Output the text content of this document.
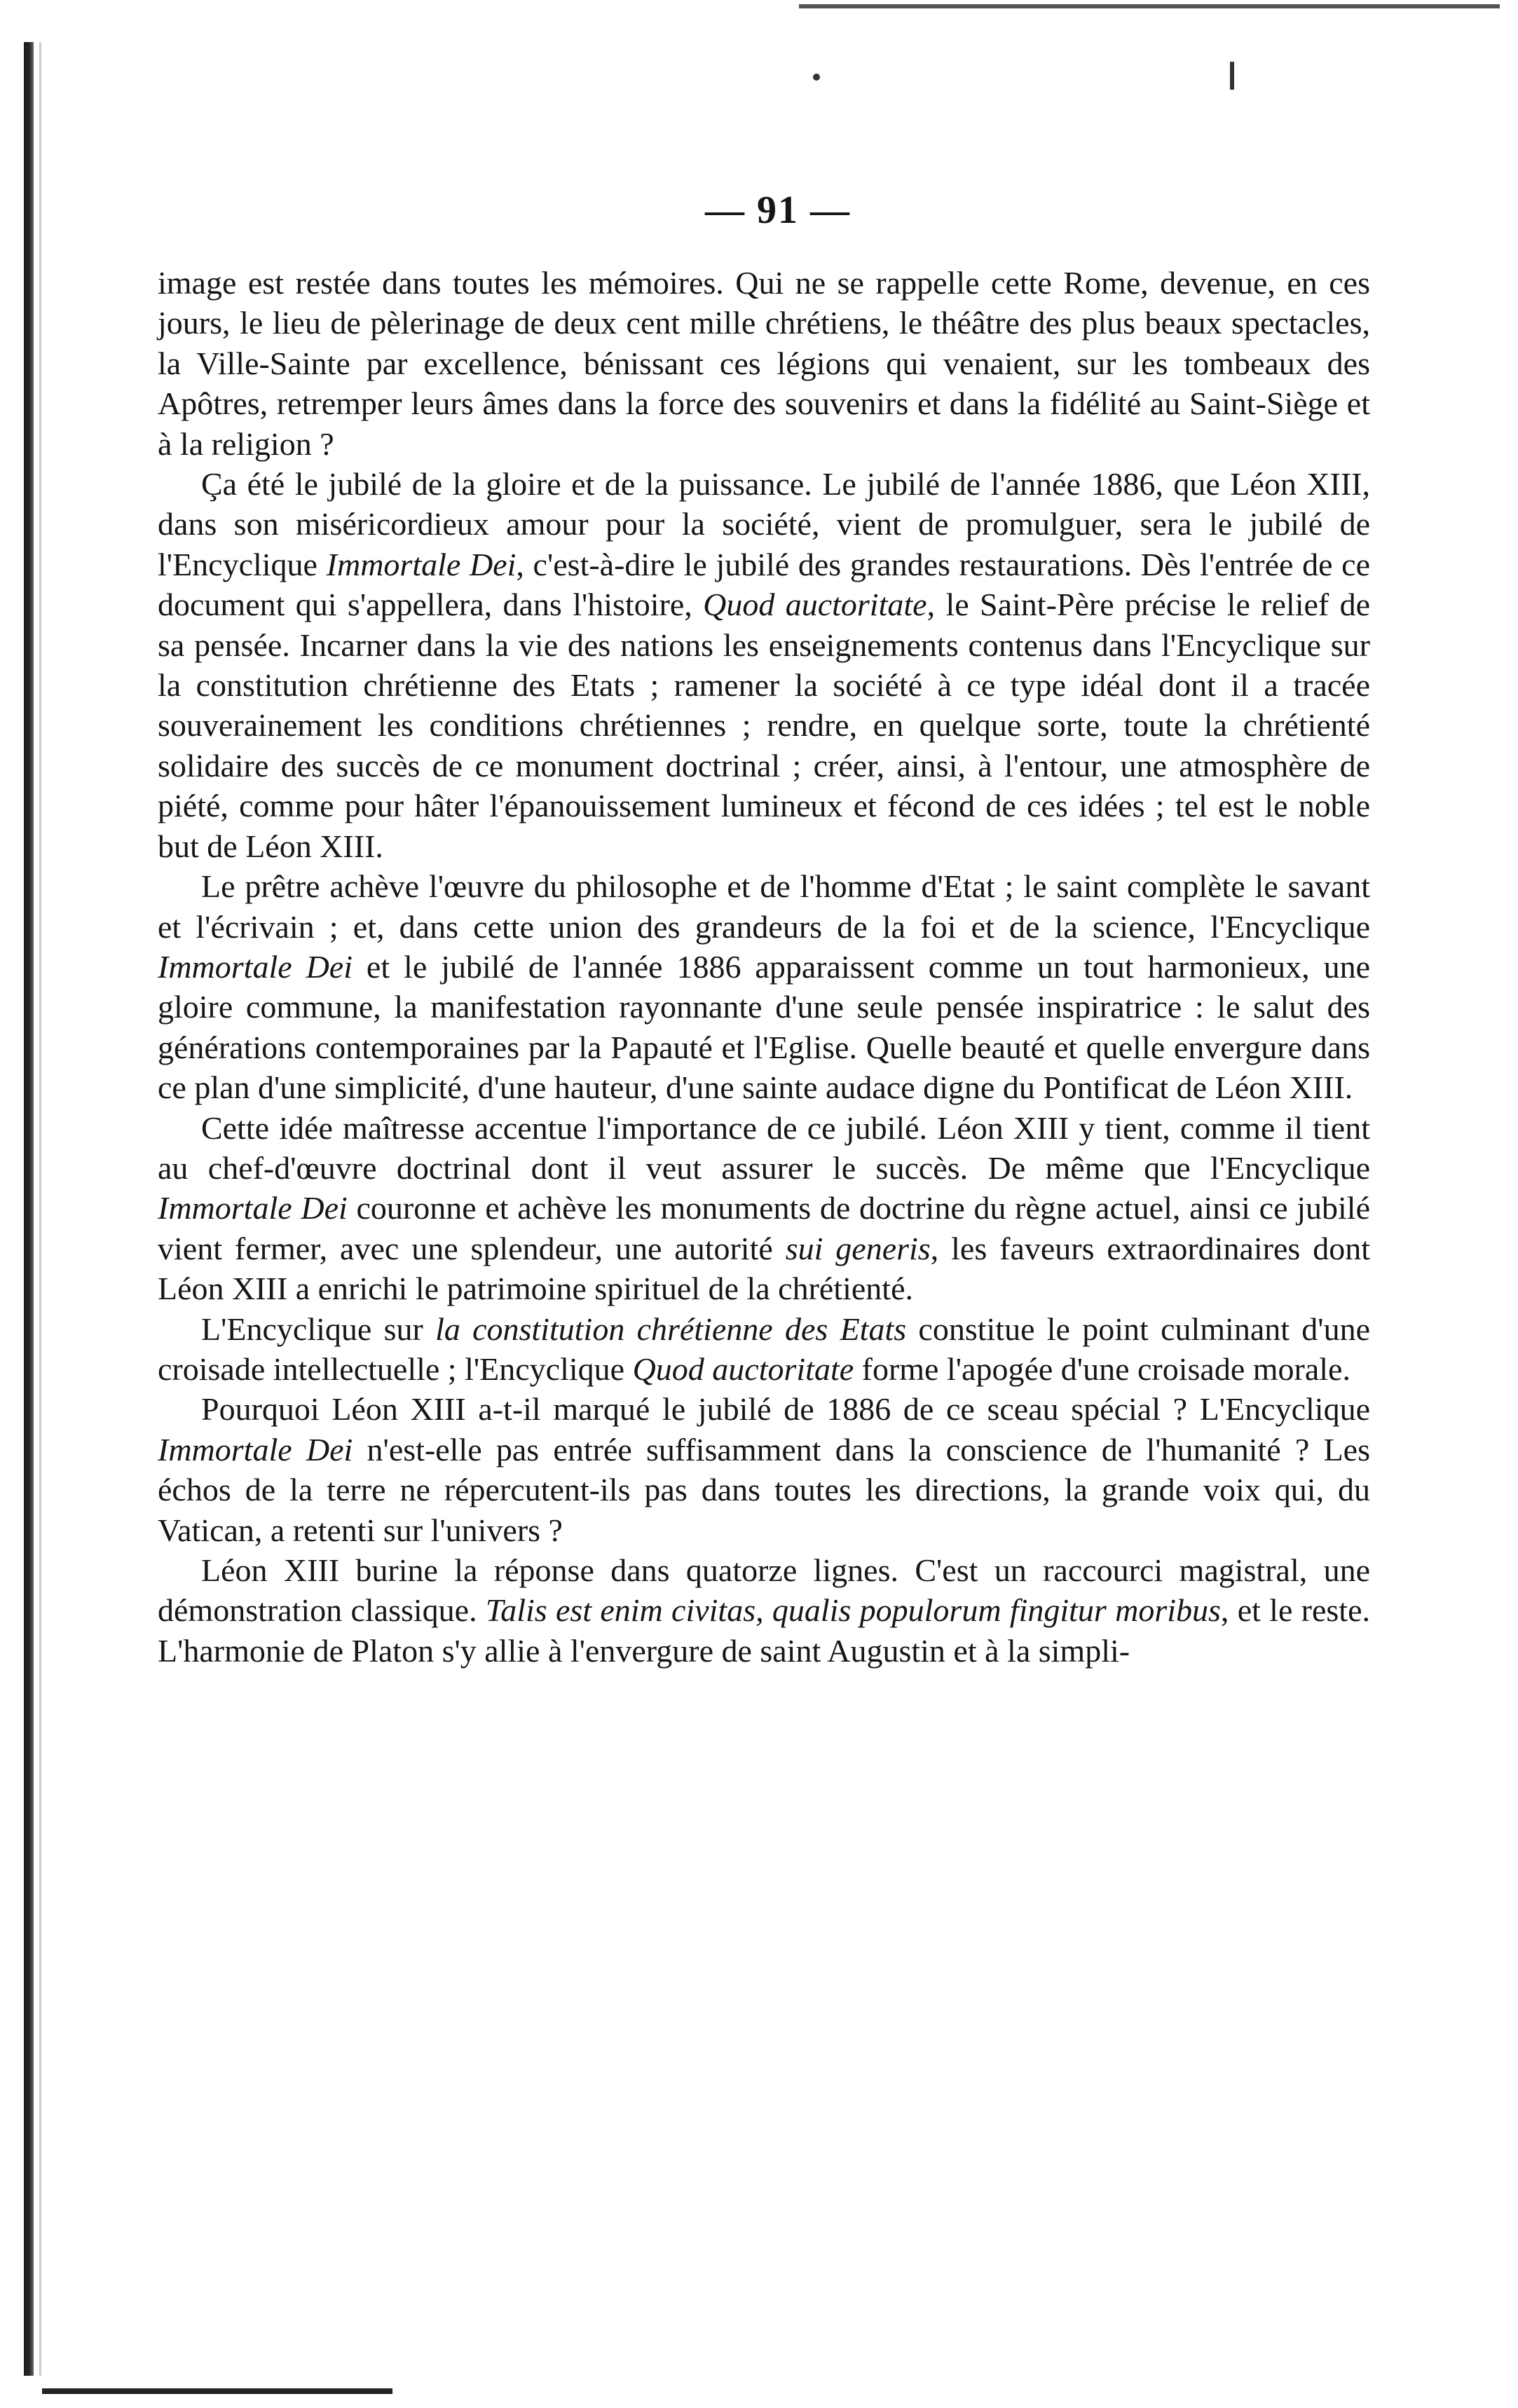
— 91 —

image est restée dans toutes les mémoires. Qui ne se rappelle cette Rome, devenue, en ces jours, le lieu de pèlerinage de deux cent mille chrétiens, le théâtre des plus beaux spectacles, la Ville-Sainte par excellence, bénissant ces légions qui venaient, sur les tombeaux des Apôtres, retremper leurs âmes dans la force des souvenirs et dans la fidélité au Saint-Siège et à la religion ?

Ça été le jubilé de la gloire et de la puissance. Le jubilé de l'année 1886, que Léon XIII, dans son miséricordieux amour pour la société, vient de promulguer, sera le jubilé de l'Encyclique Immortale Dei, c'est-à-dire le jubilé des grandes restaurations. Dès l'entrée de ce document qui s'appellera, dans l'histoire, Quod auctoritate, le Saint-Père précise le relief de sa pensée. Incarner dans la vie des nations les enseignements contenus dans l'Encyclique sur la constitution chrétienne des Etats ; ramener la société à ce type idéal dont il a tracée souverainement les conditions chrétiennes ; rendre, en quelque sorte, toute la chrétienté solidaire des succès de ce monument doctrinal ; créer, ainsi, à l'entour, une atmosphère de piété, comme pour hâter l'épanouissement lumineux et fécond de ces idées ; tel est le noble but de Léon XIII.

Le prêtre achève l'œuvre du philosophe et de l'homme d'Etat ; le saint complète le savant et l'écrivain ; et, dans cette union des grandeurs de la foi et de la science, l'Encyclique Immortale Dei et le jubilé de l'année 1886 apparaissent comme un tout harmonieux, une gloire commune, la manifestation rayonnante d'une seule pensée inspiratrice : le salut des générations contemporaines par la Papauté et l'Eglise. Quelle beauté et quelle envergure dans ce plan d'une simplicité, d'une hauteur, d'une sainte audace digne du Pontificat de Léon XIII.

Cette idée maîtresse accentue l'importance de ce jubilé. Léon XIII y tient, comme il tient au chef-d'œuvre doctrinal dont il veut assurer le succès. De même que l'Encyclique Immortale Dei couronne et achève les monuments de doctrine du règne actuel, ainsi ce jubilé vient fermer, avec une splendeur, une autorité sui generis, les faveurs extraordinaires dont Léon XIII a enrichi le patrimoine spirituel de la chrétienté.

L'Encyclique sur la constitution chrétienne des Etats constitue le point culminant d'une croisade intellectuelle ; l'Encyclique Quod auctoritate forme l'apogée d'une croisade morale.

Pourquoi Léon XIII a-t-il marqué le jubilé de 1886 de ce sceau spécial ? L'Encyclique Immortale Dei n'est-elle pas entrée suffisamment dans la conscience de l'humanité ? Les échos de la terre ne répercutent-ils pas dans toutes les directions, la grande voix qui, du Vatican, a retenti sur l'univers ?

Léon XIII burine la réponse dans quatorze lignes. C'est un raccourci magistral, une démonstration classique. Talis est enim civitas, qualis populorum fingitur moribus, et le reste. L'harmonie de Platon s'y allie à l'envergure de saint Augustin et à la simpli-
